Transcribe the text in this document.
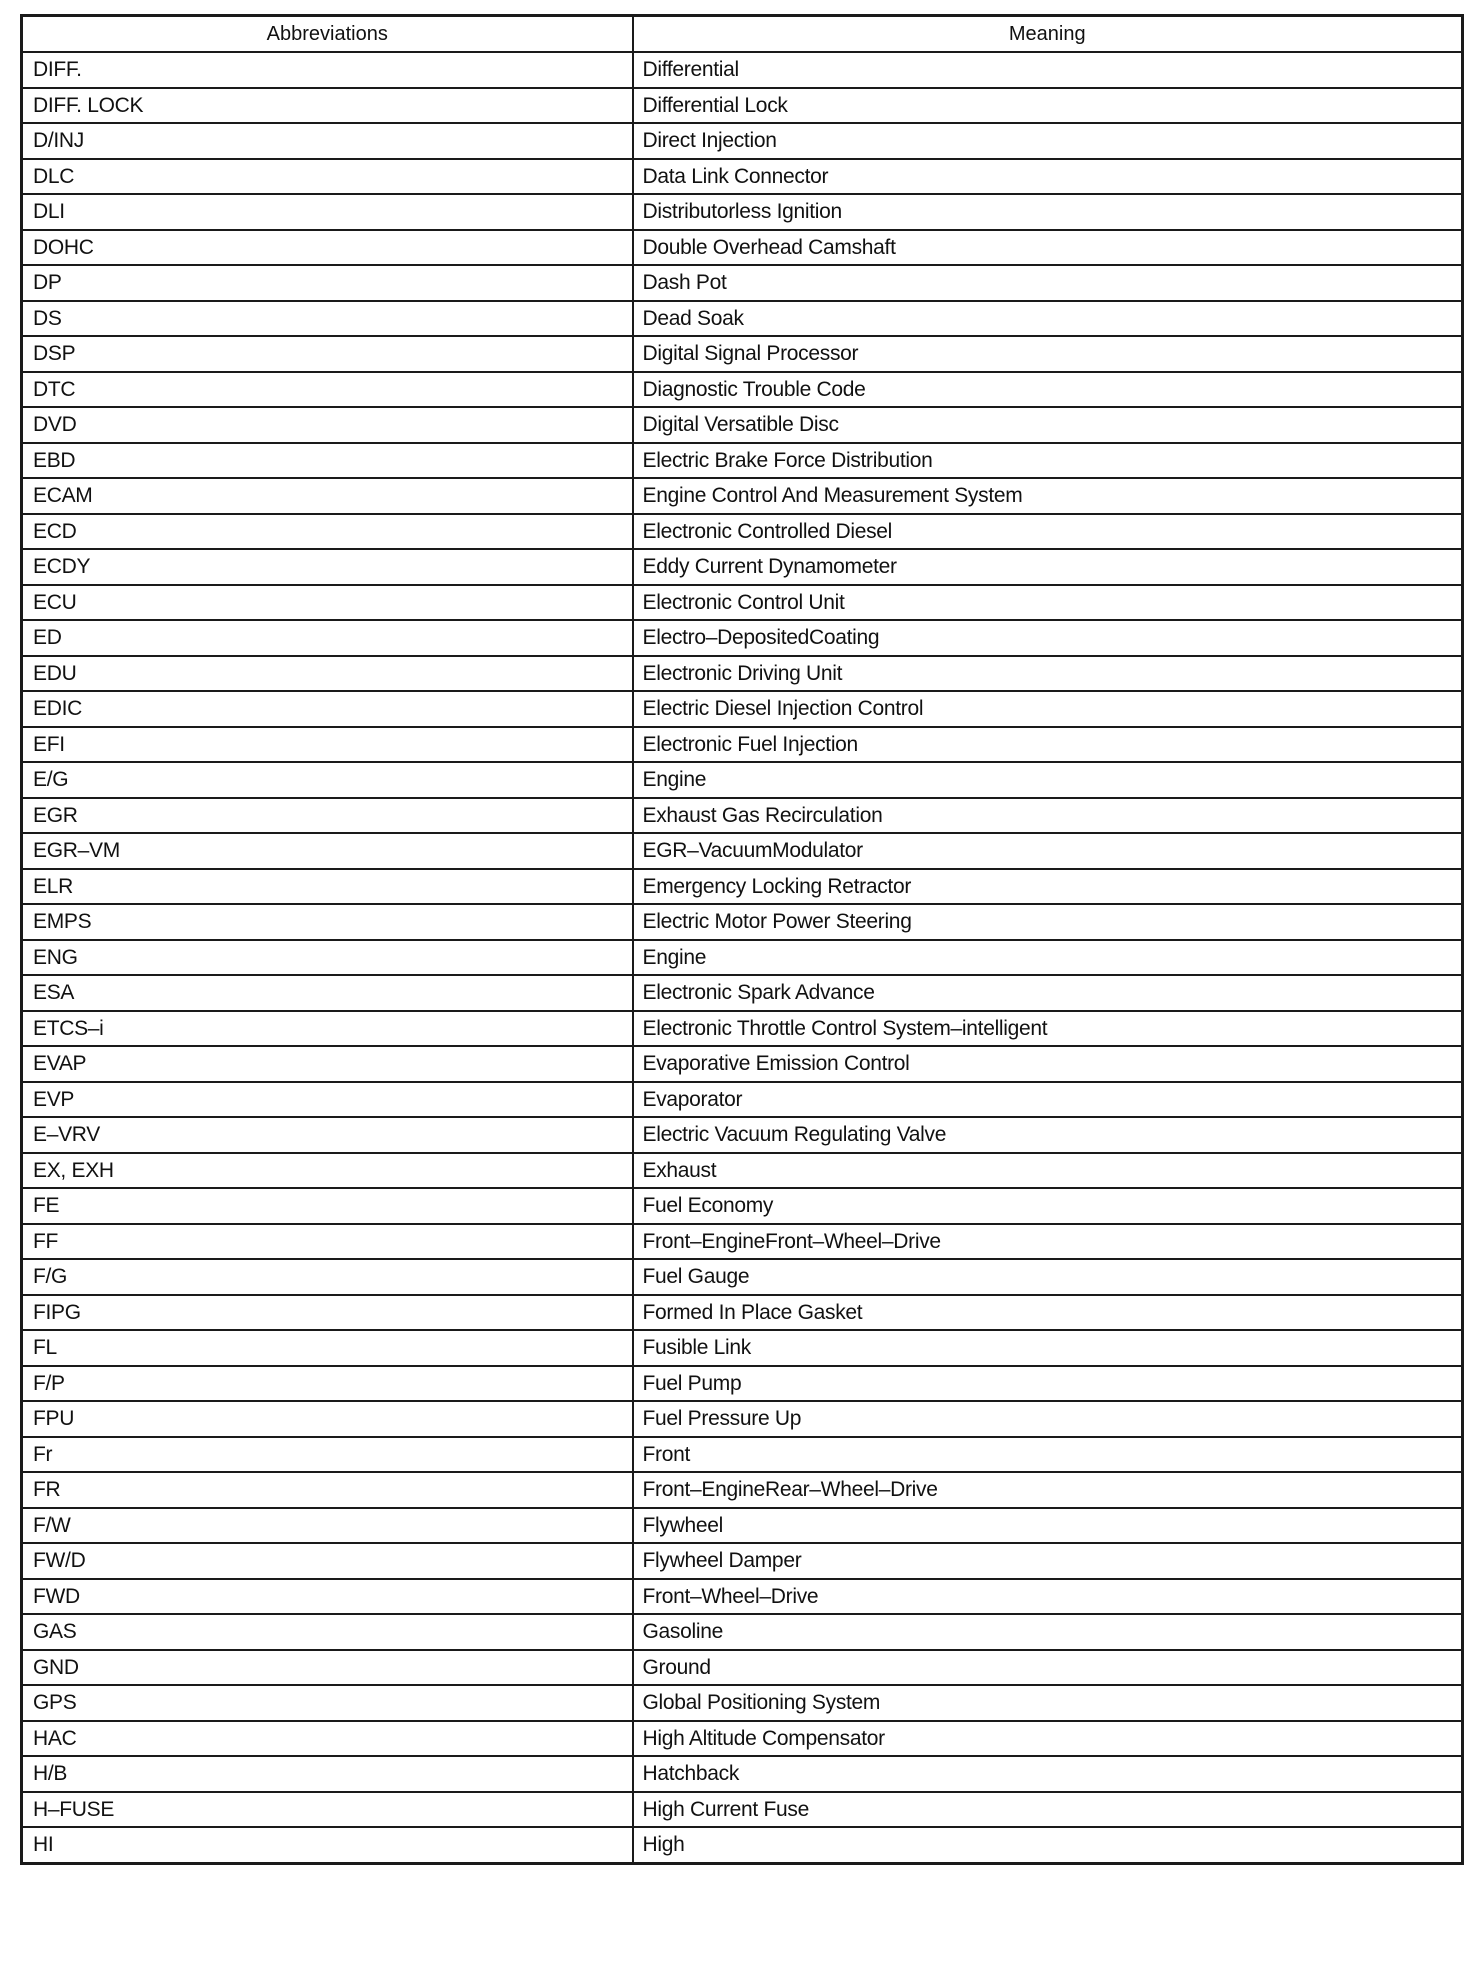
Abbreviations	Meaning
DIFF.	Differential
DIFF. LOCK	Differential Lock
D/INJ	Direct Injection
DLC	Data Link Connector
DLI	Distributorless Ignition
DOHC	Double Overhead Camshaft
DP	Dash Pot
DS	Dead Soak
DSP	Digital Signal Processor
DTC	Diagnostic Trouble Code
DVD	Digital Versatible Disc
EBD	Electric Brake Force Distribution
ECAM	Engine Control And Measurement System
ECD	Electronic Controlled Diesel
ECDY	Eddy Current Dynamometer
ECU	Electronic Control Unit
ED	Electro–DepositedCoating
EDU	Electronic Driving Unit
EDIC	Electric Diesel Injection Control
EFI	Electronic Fuel Injection
E/G	Engine
EGR	Exhaust Gas Recirculation
EGR–VM	EGR–VacuumModulator
ELR	Emergency Locking Retractor
EMPS	Electric Motor Power Steering
ENG	Engine
ESA	Electronic Spark Advance
ETCS–i	Electronic Throttle Control System–intelligent
EVAP	Evaporative Emission Control
EVP	Evaporator
E–VRV	Electric Vacuum Regulating Valve
EX, EXH	Exhaust
FE	Fuel Economy
FF	Front–EngineFront–Wheel–Drive
F/G	Fuel Gauge
FIPG	Formed In Place Gasket
FL	Fusible Link
F/P	Fuel Pump
FPU	Fuel Pressure Up
Fr	Front
FR	Front–EngineRear–Wheel–Drive
F/W	Flywheel
FW/D	Flywheel Damper
FWD	Front–Wheel–Drive
GAS	Gasoline
GND	Ground
GPS	Global Positioning System
HAC	High Altitude Compensator
H/B	Hatchback
H–FUSE	High Current Fuse
HI	High
